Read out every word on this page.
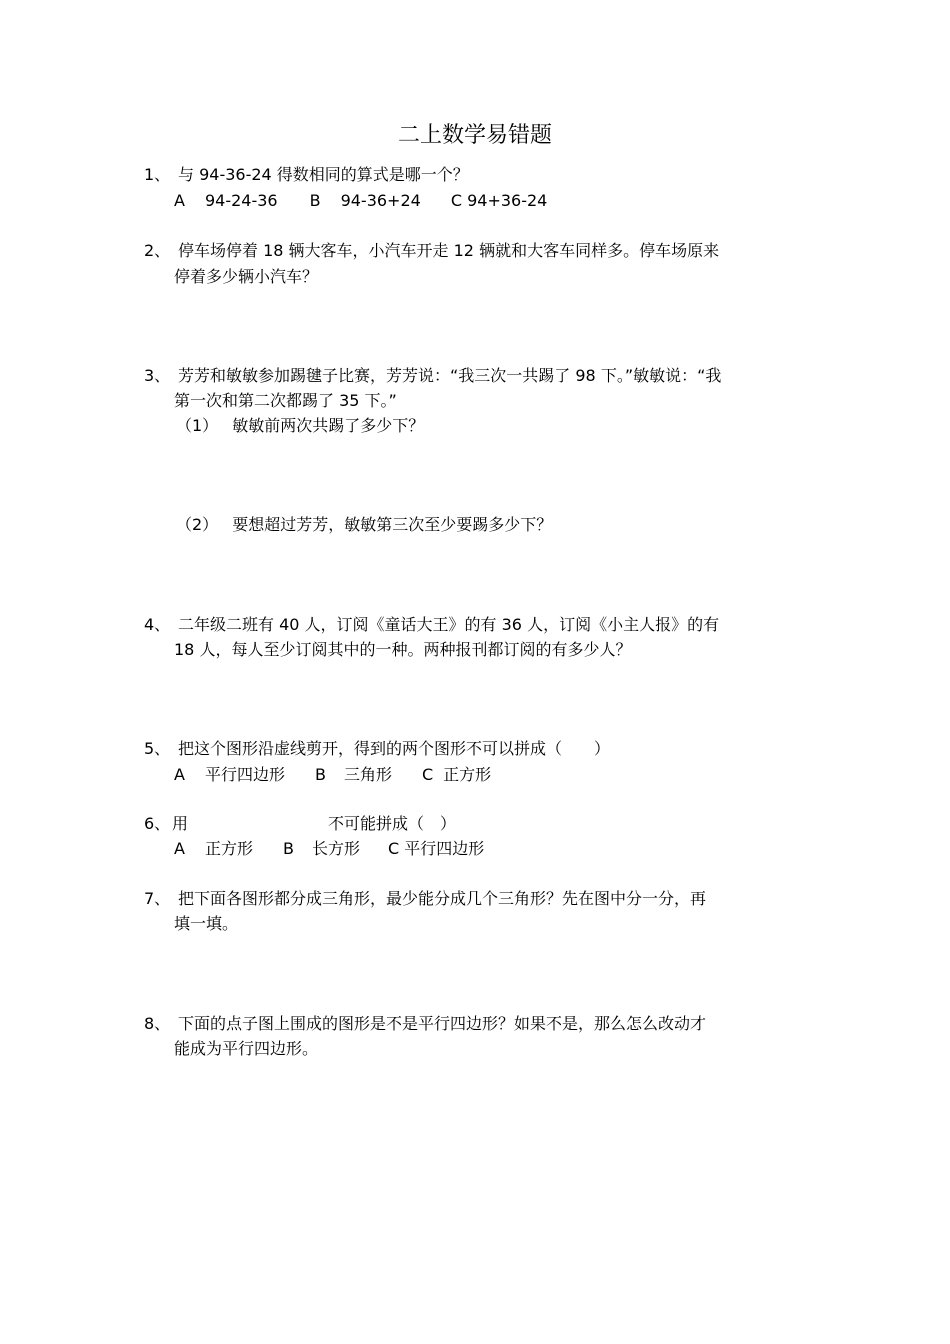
二上数学易错题
1、 与 94-36-24 得数相同的算式是哪一个？
A 94-24-36 B 94-36+24 C 94+36-24
2、 停车场停着 18 辆大客车，小汽车开走 12 辆就和大客车同样多。停车场原来
停着多少辆小汽车？
3、 芳芳和敏敏参加踢毽子比赛，芳芳说：“我三次一共踢了 98 下。”敏敏说：“我
第一次和第二次都踢了 35 下。”
（1） 敏敏前两次共踢了多少下？
（2） 要想超过芳芳，敏敏第三次至少要踢多少下？
4、 二年级二班有 40 人，订阅《童话大王》的有 36 人，订阅《小主人报》的有
18 人，每人至少订阅其中的一种。两种报刊都订阅的有多少人？
5、 把这个图形沿虚线剪开，得到的两个图形不可以拼成（　　）
A 平行四边形 B 三角形 C 正方形
6、 用	不可能拼成（　）
A 正方形 B 长方形 C 平行四边形
7、 把下面各图形都分成三角形，最少能分成几个三角形？先在图中分一分，再
填一填。
8、 下面的点子图上围成的图形是不是平行四边形？如果不是，那么怎么改动才
能成为平行四边形。
